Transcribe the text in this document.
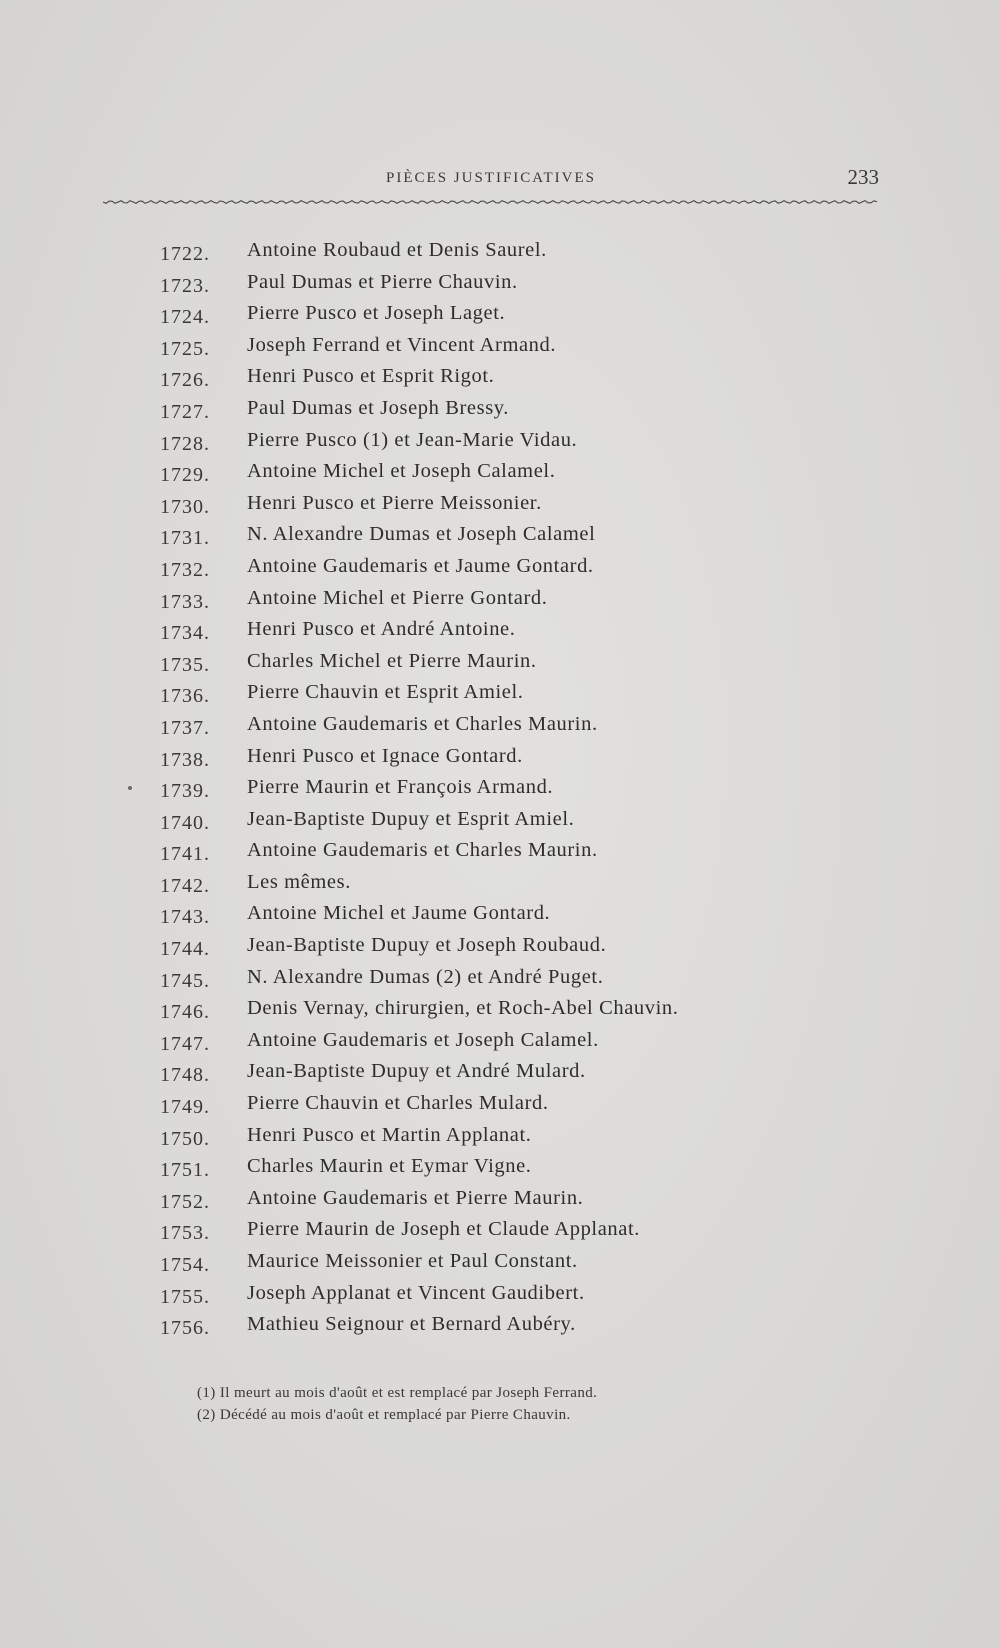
PIÈCES JUSTIFICATIVES	233
1722.	Antoine Roubaud et Denis Saurel.
1723.	Paul Dumas et Pierre Chauvin.
1724.	Pierre Pusco et Joseph Laget.
1725.	Joseph Ferrand et Vincent Armand.
1726.	Henri Pusco et Esprit Rigot.
1727.	Paul Dumas et Joseph Bressy.
1728.	Pierre Pusco (1) et Jean-Marie Vidau.
1729.	Antoine Michel et Joseph Calamel.
1730.	Henri Pusco et Pierre Meissonier.
1731.	N. Alexandre Dumas et Joseph Calamel
1732.	Antoine Gaudemaris et Jaume Gontard.
1733.	Antoine Michel et Pierre Gontard.
1734.	Henri Pusco et André Antoine.
1735.	Charles Michel et Pierre Maurin.
1736.	Pierre Chauvin et Esprit Amiel.
1737.	Antoine Gaudemaris et Charles Maurin.
1738.	Henri Pusco et Ignace Gontard.
1739.	Pierre Maurin et François Armand.
1740.	Jean-Baptiste Dupuy et Esprit Amiel.
1741.	Antoine Gaudemaris et Charles Maurin.
1742.	Les mêmes.
1743.	Antoine Michel et Jaume Gontard.
1744.	Jean-Baptiste Dupuy et Joseph Roubaud.
1745.	N. Alexandre Dumas (2) et André Puget.
1746.	Denis Vernay, chirurgien, et Roch-Abel Chauvin.
1747.	Antoine Gaudemaris et Joseph Calamel.
1748.	Jean-Baptiste Dupuy et André Mulard.
1749.	Pierre Chauvin et Charles Mulard.
1750.	Henri Pusco et Martin Applanat.
1751.	Charles Maurin et Eymar Vigne.
1752.	Antoine Gaudemaris et Pierre Maurin.
1753.	Pierre Maurin de Joseph et Claude Applanat.
1754.	Maurice Meissonier et Paul Constant.
1755.	Joseph Applanat et Vincent Gaudibert.
1756.	Mathieu Seignour et Bernard Aubéry.
(1) Il meurt au mois d'août et est remplacé par Joseph Ferrand.
(2) Décédé au mois d'août et remplacé par Pierre Chauvin.
